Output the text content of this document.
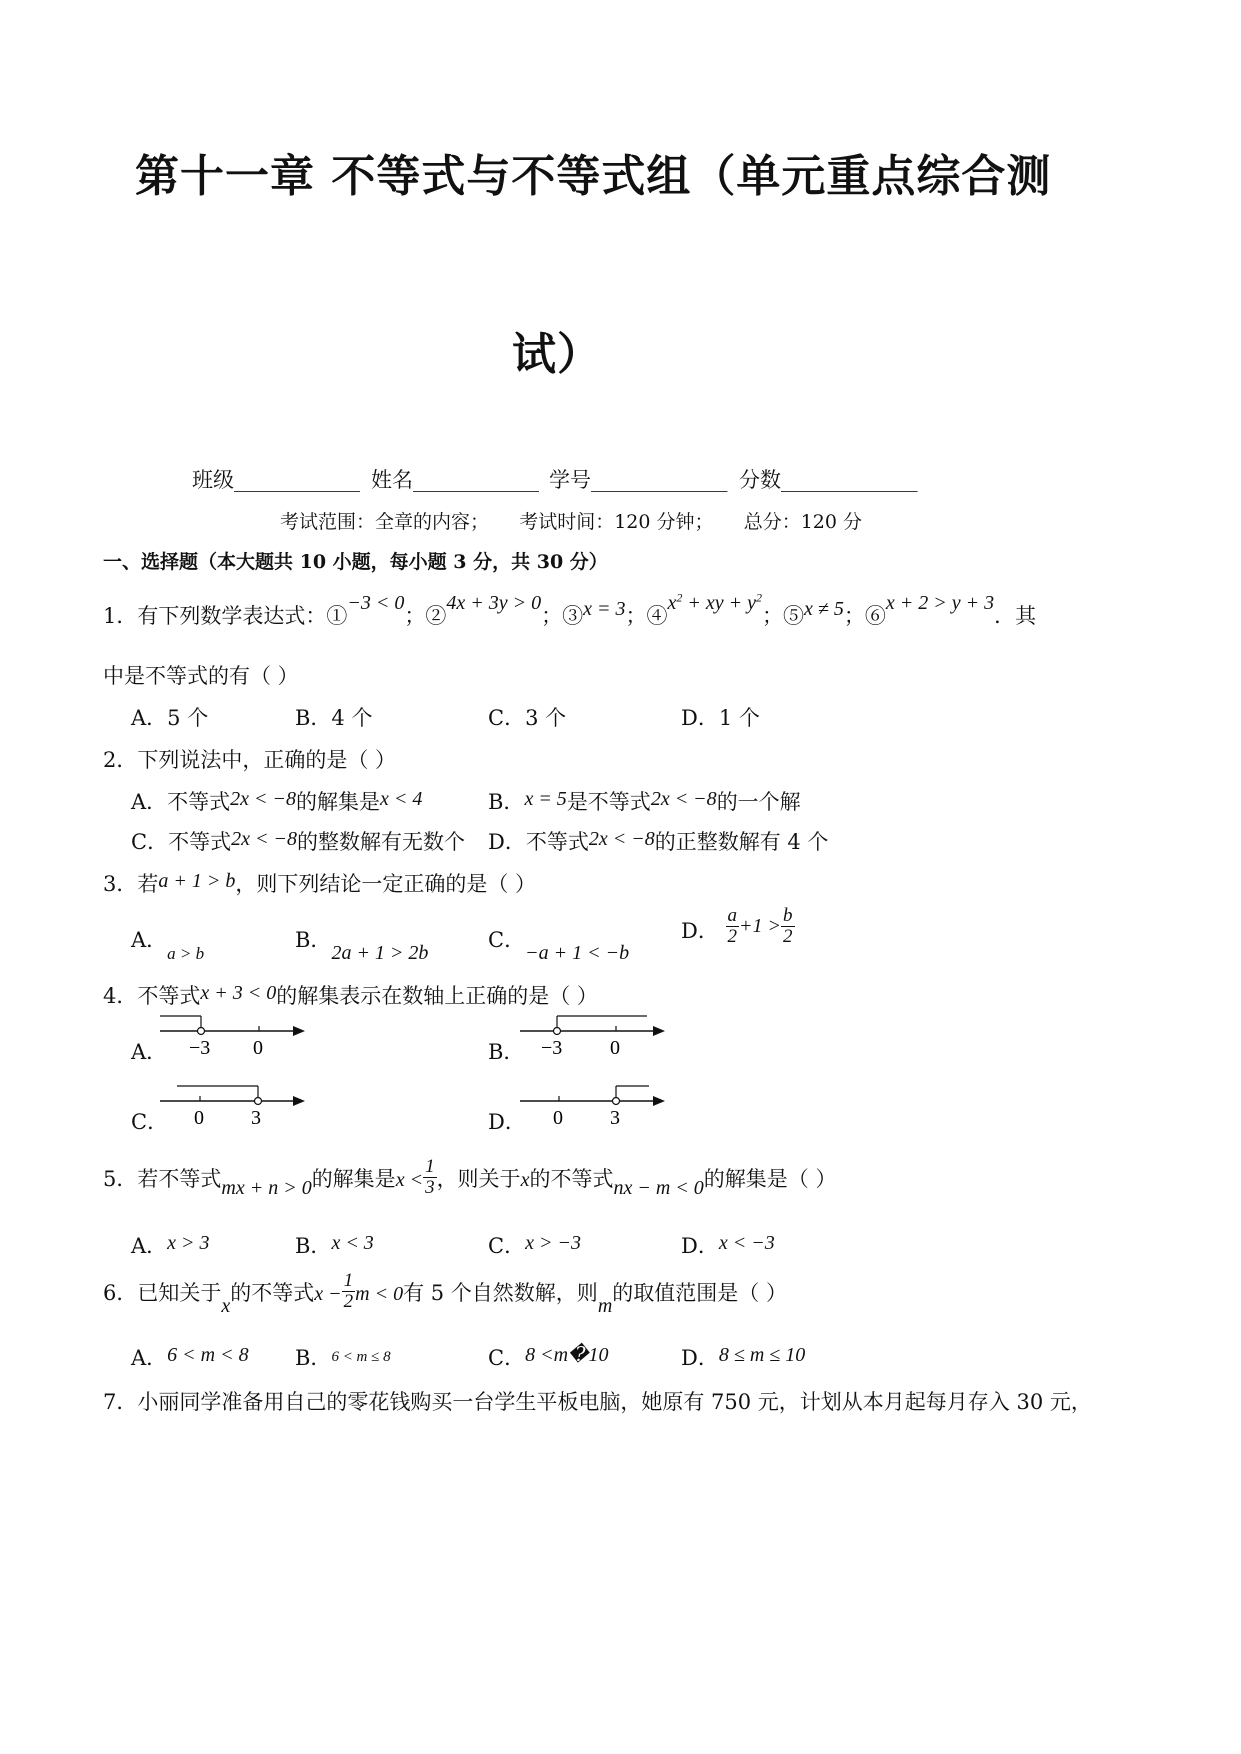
第十一章 不等式与不等式组（单元重点综合测
试）
班级____________ 姓名____________ 学号_____________ 分数_____________
考试范围：全章的内容；     考试时间：120 分钟；     总分：120 分
一、选择题（本大题共 10 小题，每小题 3 分，共 30 分）
1．有下列数学表达式：①−3 < 0；②4x + 3y > 0；③x = 3；$④x^2$ + xy + $y^2$；⑤x ≠ 5；⑥x + 2 > y + 3．其
中是不等式的有（ ）
A．5 个	B．4 个	C．3 个	D．1 个
2．下列说法中，正确的是（ ）
A．不等式2x < −8的解集是x < 4	B．x = 5是不等式2x < −8的一个解
C．不等式2x < −8的整数解有无数个 D．不等式2x < −8的正整数解有 4 个
3．若a + 1 > b，则下列结论一定正确的是（ ）
A．$_{a > b}$
B．2a + 1 > 2b
C．−a + 1 < −b
D． $\frac{a}{2} +1 > \frac{b}{2}$
4．不等式x + 3 < 0的解集表示在数轴上正确的是（ ）
A． −3 0	B． −3 0
C． 0 3	D． 0 3
5．若不等式mx + n > 0的解集是$x < \frac{1}{3}$ ，则关于x的不等式nx − m < 0的解集是（ ）
A．x > 3	B．x < 3	C．x > −3	D．x < −3
6．已知关于x的不等式$x - \frac{1}{2}$ m < 0有 5 个自然数解，则m的取值范围是（ ）
A．6 < m < 8 B．6 < m ≤ 8	C．8 <m�10	D．8 ≤ m ≤ 10
7．小丽同学准备用自己的零花钱购买一台学生平板电脑，她原有 750 元，计划从本月起每月存入 30 元，
